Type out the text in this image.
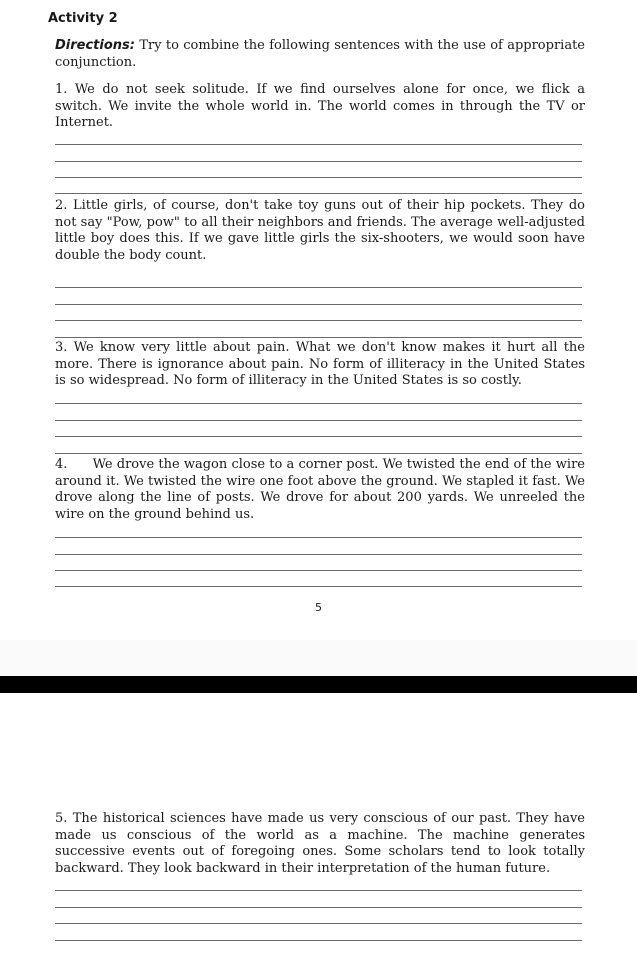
Activity 2

Directions: Try to combine the following sentences with the use of appropriate conjunction.

1. We do not seek solitude. If we find ourselves alone for once, we flick a switch. We invite the whole world in. The world comes in through the TV or Internet.

2. Little girls, of course, don't take toy guns out of their hip pockets. They do not say "Pow, pow" to all their neighbors and friends. The average well-adjusted little boy does this. If we gave little girls the six-shooters, we would soon have double the body count.

3. We know very little about pain. What we don't know makes it hurt all the more. There is ignorance about pain. No form of illiteracy in the United States is so widespread. No form of illiteracy in the United States is so costly.

4. We drove the wagon close to a corner post. We twisted the end of the wire around it. We twisted the wire one foot above the ground. We stapled it fast. We drove along the line of posts. We drove for about 200 yards. We unreeled the wire on the ground behind us.

5

5. The historical sciences have made us very conscious of our past. They have made us conscious of the world as a machine. The machine generates successive events out of foregoing ones. Some scholars tend to look totally backward. They look backward in their interpretation of the human future.
